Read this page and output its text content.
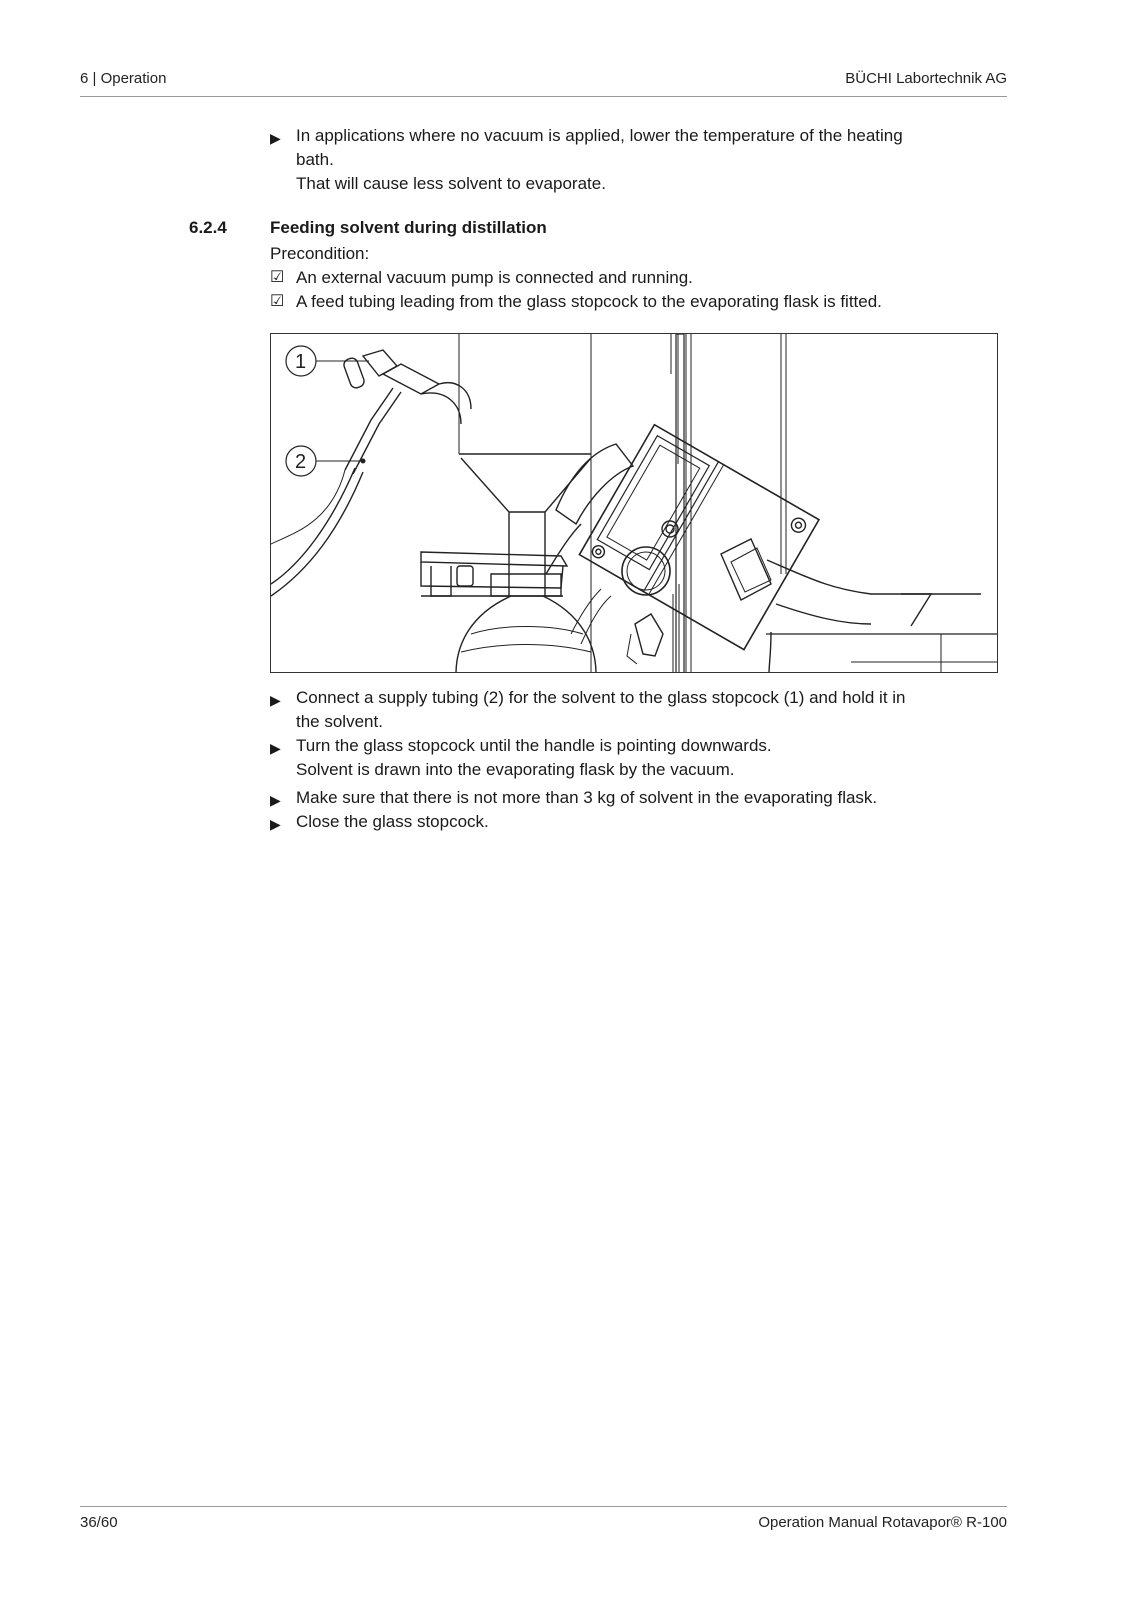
6 | Operation	BÜCHI Labortechnik AG
▶ In applications where no vacuum is applied, lower the temperature of the heating
bath.
That will cause less solvent to evaporate.
6.2.4	Feeding solvent during distillation
Precondition:
☑ An external vacuum pump is connected and running.
☑ A feed tubing leading from the glass stopcock to the evaporating flask is fitted.
1
2
▶ Connect a supply tubing (2) for the solvent to the glass stopcock (1) and hold it in
the solvent.
▶ Turn the glass stopcock until the handle is pointing downwards.
Solvent is drawn into the evaporating flask by the vacuum.
▶ Make sure that there is not more than 3 kg of solvent in the evaporating flask.
▶ Close the glass stopcock.
36/60	Operation Manual Rotavapor® R-100
